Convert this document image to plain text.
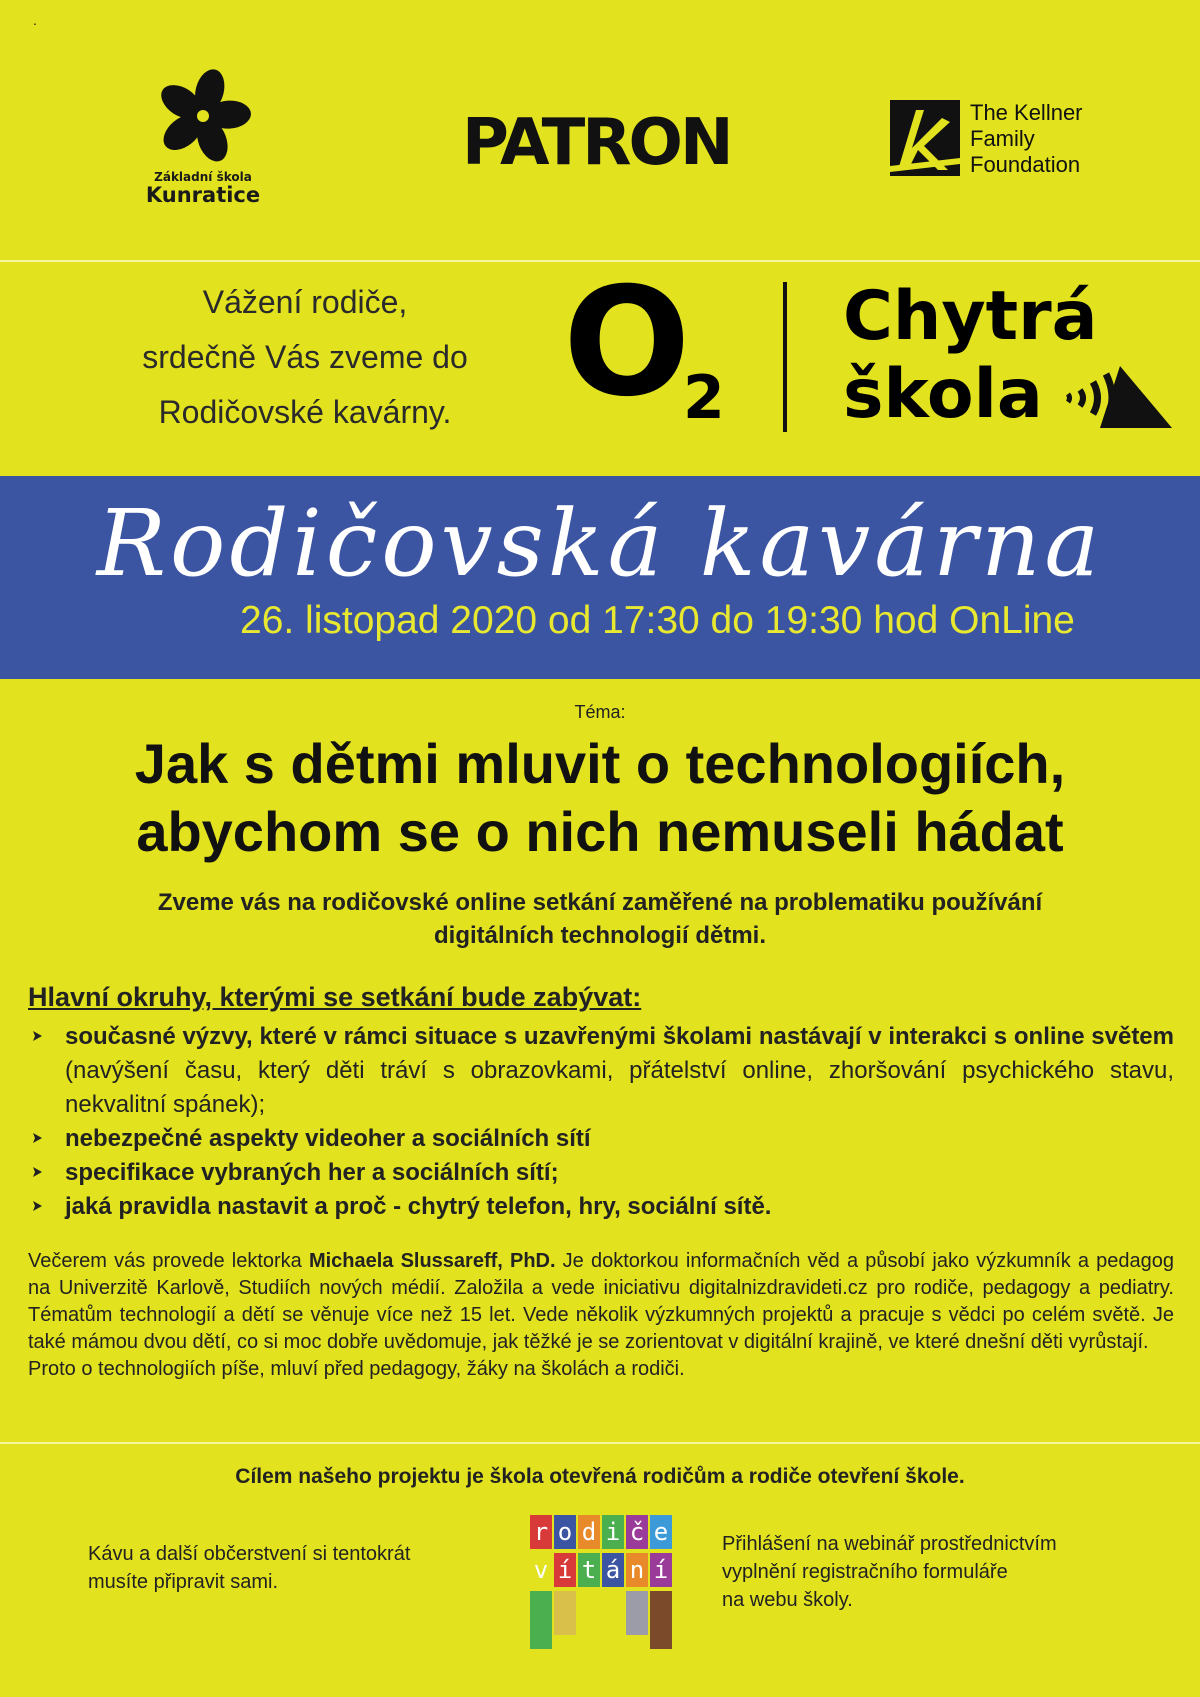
.
Základní škola
Kunratice
PATRON	The Kellner
Family
Foundation
Vážení rodiče,
srdečně Vás zveme do
Rodičovské kavárny. O
2
Chytrá
škola
Rodičovská kavárna
26. listopad 2020 od 17:30 do 19:30 hod OnLine
Téma:
Jak s dětmi mluvit o technologiích,
abychom se o nich nemuseli hádat
Zveme vás na rodičovské online setkání zaměřené na problematiku používání
digitálních technologií dětmi.
Hlavní okruhy, kterými se setkání bude zabývat:
současné výzvy, které v rámci situace s uzavřenými školami nastávají v interakci s online světem (navýšení času, který děti tráví s obrazovkami, přátelství online, zhoršování psychického stavu, nekvalitní spánek);
nebezpečné aspekty videoher a sociálních sítí
specifikace vybraných her a sociálních sítí;
jaká pravidla nastavit a proč - chytrý telefon, hry, sociální sítě.
Večerem vás provede lektorka Michaela Slussareff, PhD. Je doktorkou informačních věd a působí jako výzkumník a pedagog na Univerzitě Karlově, Studiích nových médií. Založila a vede iniciativu digitalnizdravideti.cz pro rodiče, pedagogy a pediatry. Tématům technologií a dětí se věnuje více než 15 let. Vede několik výzkumných projektů a pracuje s vědci po celém světě. Je také mámou dvou dětí, co si moc dobře uvědomuje, jak těžké je se zorientovat v digitální krajině, ve které dnešní děti vyrůstají.
Proto o technologiích píše, mluví před pedagogy, žáky na školách a rodiči.
Cílem našeho projektu je škola otevřená rodičům a rodiče otevření škole.
Kávu a další občerstvení si tentokrát
musíte připravit sami.
r o d i č e
v í t á n í
Přihlášení na webinář prostřednictvím
vyplnění registračního formuláře
na webu školy.
